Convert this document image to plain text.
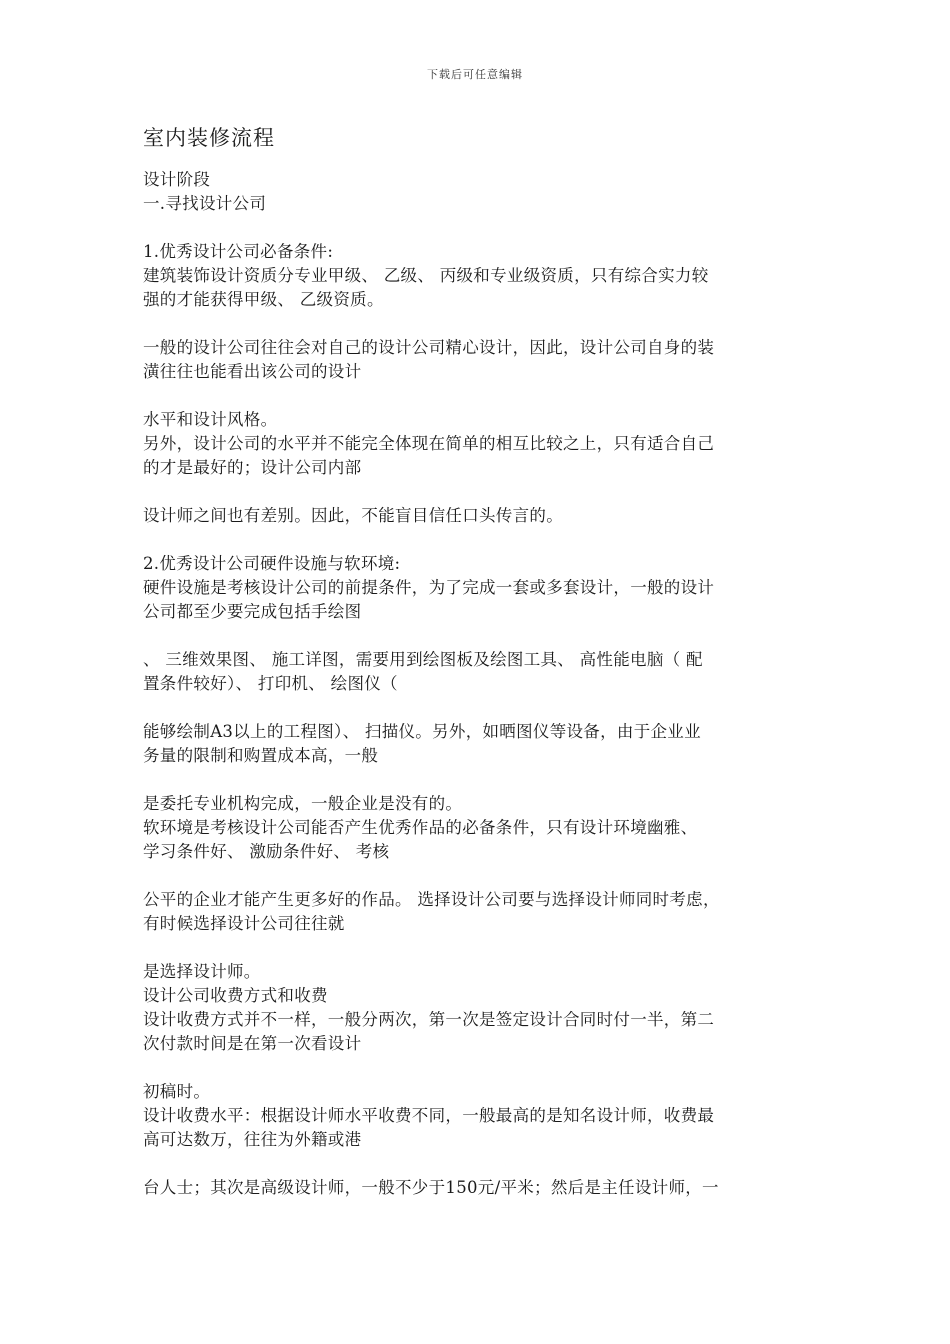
下载后可任意编辑
室内装修流程
设计阶段
一.寻找设计公司
1.优秀设计公司必备条件:
建筑装饰设计资质分专业甲级、 乙级、 丙级和专业级资质，只有综合实力较
强的才能获得甲级、 乙级资质。
一般的设计公司往往会对自己的设计公司精心设计，因此，设计公司自身的装
潢往往也能看出该公司的设计
水平和设计风格。
另外，设计公司的水平并不能完全体现在简单的相互比较之上，只有适合自己
的才是最好的；设计公司内部
设计师之间也有差别。因此，不能盲目信任口头传言的。
2.优秀设计公司硬件设施与软环境:
硬件设施是考核设计公司的前提条件，为了完成一套或多套设计，一般的设计
公司都至少要完成包括手绘图
、 三维效果图、 施工详图，需要用到绘图板及绘图工具、 高性能电脑（ 配
置条件较好）、 打印机、 绘图仪（
能够绘制A3以上的工程图）、 扫描仪。另外，如晒图仪等设备，由于企业业
务量的限制和购置成本高，一般
是委托专业机构完成，一般企业是没有的。
软环境是考核设计公司能否产生优秀作品的必备条件，只有设计环境幽雅、
学习条件好、 激励条件好、 考核
公平的企业才能产生更多好的作品。 选择设计公司要与选择设计师同时考虑，
有时候选择设计公司往往就
是选择设计师。
设计公司收费方式和收费
设计收费方式并不一样，一般分两次，第一次是签定设计合同时付一半，第二
次付款时间是在第一次看设计
初稿时。
设计收费水平：根据设计师水平收费不同，一般最高的是知名设计师，收费最
高可达数万，往往为外籍或港
台人士；其次是高级设计师，一般不少于150元/平米；然后是主任设计师，一
